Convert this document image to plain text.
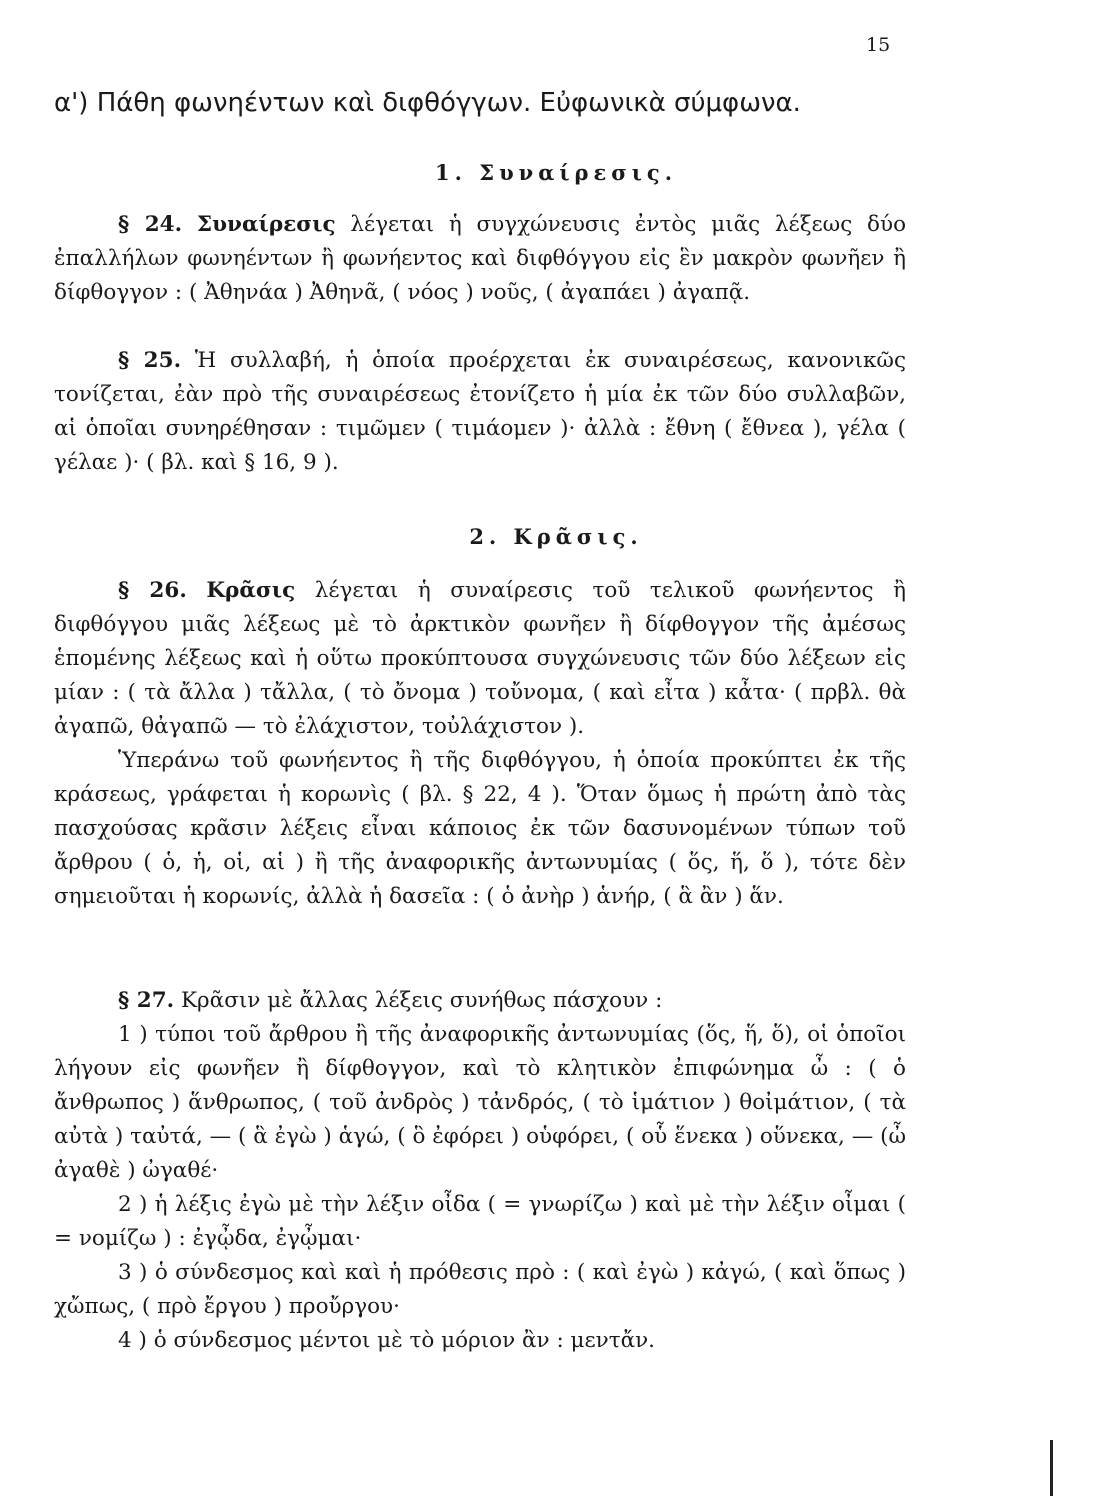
15
α') Πάθη φωνηέντων καὶ διφθόγγων. Εὐφωνικὰ σύμφωνα.
1. Συναίρεσις.

§ 24. Συναίρεσις λέγεται ἡ συγχώνευσις ἐντὸς μιᾶς λέξεως δύο ἐπαλλήλων φωνηέντων ἢ φωνήεντος καὶ διφθόγγου εἰς ἓν μακρὸν φωνῆεν ἢ δίφθογγον : ( Ἀθηνάα ) Ἀθηνᾶ, ( νόος ) νοῦς, ( ἀγαπάει ) ἀγαπᾷ.

§ 25. Ἡ συλλαβή, ἡ ὁποία προέρχεται ἐκ συναιρέσεως, κανονικῶς τονίζεται, ἐὰν πρὸ τῆς συναιρέσεως ἐτονίζετο ἡ μία ἐκ τῶν δύο συλλαβῶν, αἱ ὁποῖαι συνηρέθησαν : τιμῶμεν ( τιμάομεν )· ἀλλὰ : ἔθνη ( ἔθνεα ), γέλα ( γέλαε )· ( βλ. καὶ § 16, 9 ).

2. Κρᾶσις.

§ 26. Κρᾶσις λέγεται ἡ συναίρεσις τοῦ τελικοῦ φωνήεντος ἢ διφθόγγου μιᾶς λέξεως μὲ τὸ ἀρκτικὸν φωνῆεν ἢ δίφθογγον τῆς ἀμέσως ἑπομένης λέξεως καὶ ἡ οὕτω προκύπτουσα συγχώνευσις τῶν δύο λέξεων εἰς μίαν : ( τὰ ἄλλα ) τἄλλα, ( τὸ ὄνομα ) τοὔνομα, ( καὶ εἶτα ) κἆτα· ( πρβλ. θὰ ἀγαπῶ, θἀγαπῶ — τὸ ἐλάχιστον, τοὐλάχιστον ).

Ὑπεράνω τοῦ φωνήεντος ἢ τῆς διφθόγγου, ἡ ὁποία προκύπτει ἐκ τῆς κράσεως, γράφεται ἡ κορωνὶς ( βλ. § 22, 4 ). Ὅταν ὅμως ἡ πρώτη ἀπὸ τὰς πασχούσας κρᾶσιν λέξεις εἶναι κάποιος ἐκ τῶν δασυνομένων τύπων τοῦ ἄρθρου ( ὁ, ἡ, οἱ, αἱ ) ἢ τῆς ἀναφορικῆς ἀντωνυμίας ( ὅς, ἥ, ὅ ), τότε δὲν σημειοῦται ἡ κορωνίς, ἀλλὰ ἡ δασεῖα : ( ὁ ἀνὴρ ) ἁνήρ, ( ἃ ἂν ) ἅν.

§ 27. Κρᾶσιν μὲ ἄλλας λέξεις συνήθως πάσχουν :

1 ) τύποι τοῦ ἄρθρου ἢ τῆς ἀναφορικῆς ἀντωνυμίας (ὅς, ἥ, ὅ), οἱ ὁποῖοι λήγουν εἰς φωνῆεν ἢ δίφθογγον, καὶ τὸ κλητικὸν ἐπιφώνημα ὦ : ( ὁ ἄνθρωπος ) ἅνθρωπος, ( τοῦ ἀνδρὸς ) τἀνδρός, ( τὸ ἱμάτιον ) θοἰμάτιον, ( τὰ αὐτὰ ) ταὐτά, — ( ἃ ἐγὼ ) ἁγώ, ( ὃ ἐφόρει ) οὑφόρει, ( οὗ ἕνεκα ) οὕνεκα, — (ὦ ἀγαθὲ ) ὠγαθέ·

2 ) ἡ λέξις ἐγὼ μὲ τὴν λέξιν οἶδα ( = γνωρίζω ) καὶ μὲ τὴν λέξιν οἶμαι ( = νομίζω ) : ἐγᾦδα, ἐγᾦμαι·

3 ) ὁ σύνδεσμος καὶ καὶ ἡ πρόθεσις πρὸ : ( καὶ ἐγὼ ) κἀγώ, ( καὶ ὅπως ) χὤπως, ( πρὸ ἔργου ) προὔργου·

4 ) ὁ σύνδεσμος μέντοι μὲ τὸ μόριον ἂν : μεντἄν.
